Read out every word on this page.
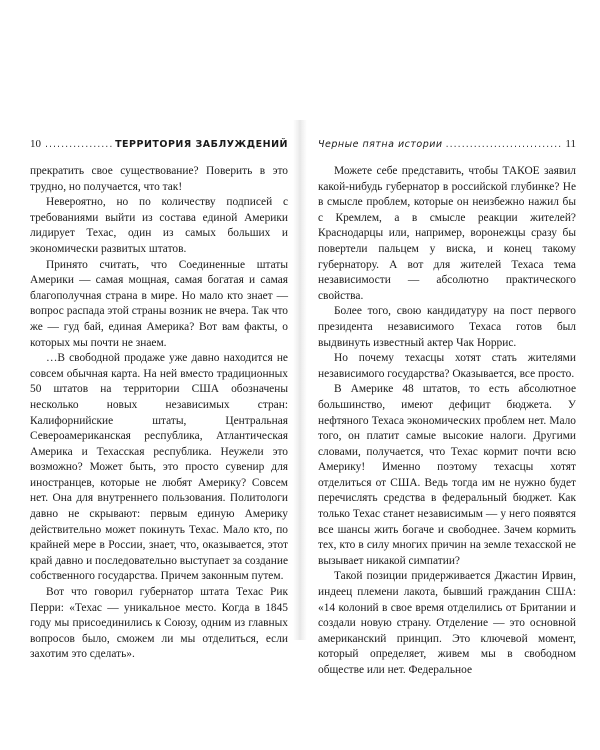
10 .....	ТЕРРИТОРИЯ ЗАБЛУЖДЕНИЙ

прекратить свое существование? Поверить в это трудно, но получается, что так!

Невероятно, но по количеству подписей с требованиями выйти из состава единой Америки лидирует Техас, один из самых больших и экономически развитых штатов.

Принято считать, что Соединенные штаты Америки — самая мощная, самая богатая и самая благополучная страна в мире. Но мало кто знает — вопрос распада этой страны возник не вчера. Так что же — гуд бай, единая Америка? Вот вам факты, о которых мы почти не знаем.

…В свободной продаже уже давно находится не совсем обычная карта. На ней вместо традиционных 50 штатов на территории США обозначены несколько новых независимых стран: Калифорнийские штаты, Центральная Североамериканская республика, Атлантическая Америка и Техасская республика. Неужели это возможно? Может быть, это просто сувенир для иностранцев, которые не любят Америку? Совсем нет. Она для внутреннего пользования. Политологи давно не скрывают: первым единую Америку действительно может покинуть Техас. Мало кто, по крайней мере в России, знает, что, оказывается, этот край давно и последовательно выступает за создание собственного государства. Причем законным путем.

Вот что говорил губернатор штата Техас Рик Перри: «Техас — уникальное место. Когда в 1845 году мы присоединились к Союзу, одним из главных вопросов было, сможем ли мы отделиться, если захотим это сделать».

Черные пятна истории .....	11

Можете себе представить, чтобы ТАКОЕ заявил какой-нибудь губернатор в российской глубинке? Не в смысле проблем, которые он неизбежно нажил бы с Кремлем, а в смысле реакции жителей? Краснодарцы или, например, воронежцы сразу бы повертели пальцем у виска, и конец такому губернатору. А вот для жителей Техаса тема независимости — абсолютно практического свойства.

Более того, свою кандидатуру на пост первого президента независимого Техаса готов был выдвинуть известный актер Чак Норрис.

Но почему техасцы хотят стать жителями независимого государства? Оказывается, все просто.

В Америке 48 штатов, то есть абсолютное большинство, имеют дефицит бюджета. У нефтяного Техаса экономических проблем нет. Мало того, он платит самые высокие налоги. Другими словами, получается, что Техас кормит почти всю Америку! Именно поэтому техасцы хотят отделиться от США. Ведь тогда им не нужно будет перечислять средства в федеральный бюджет. Как только Техас станет независимым — у него появятся все шансы жить богаче и свободнее. Зачем кормить тех, кто в силу многих причин на земле техасской не вызывает никакой симпатии?

Такой позиции придерживается Джастин Ирвин, индеец племени лакота, бывший гражданин США: «14 колоний в свое время отделились от Британии и создали новую страну. Отделение — это основной американский принцип. Это ключевой момент, который определяет, живем мы в свободном обществе или нет. Федеральное
